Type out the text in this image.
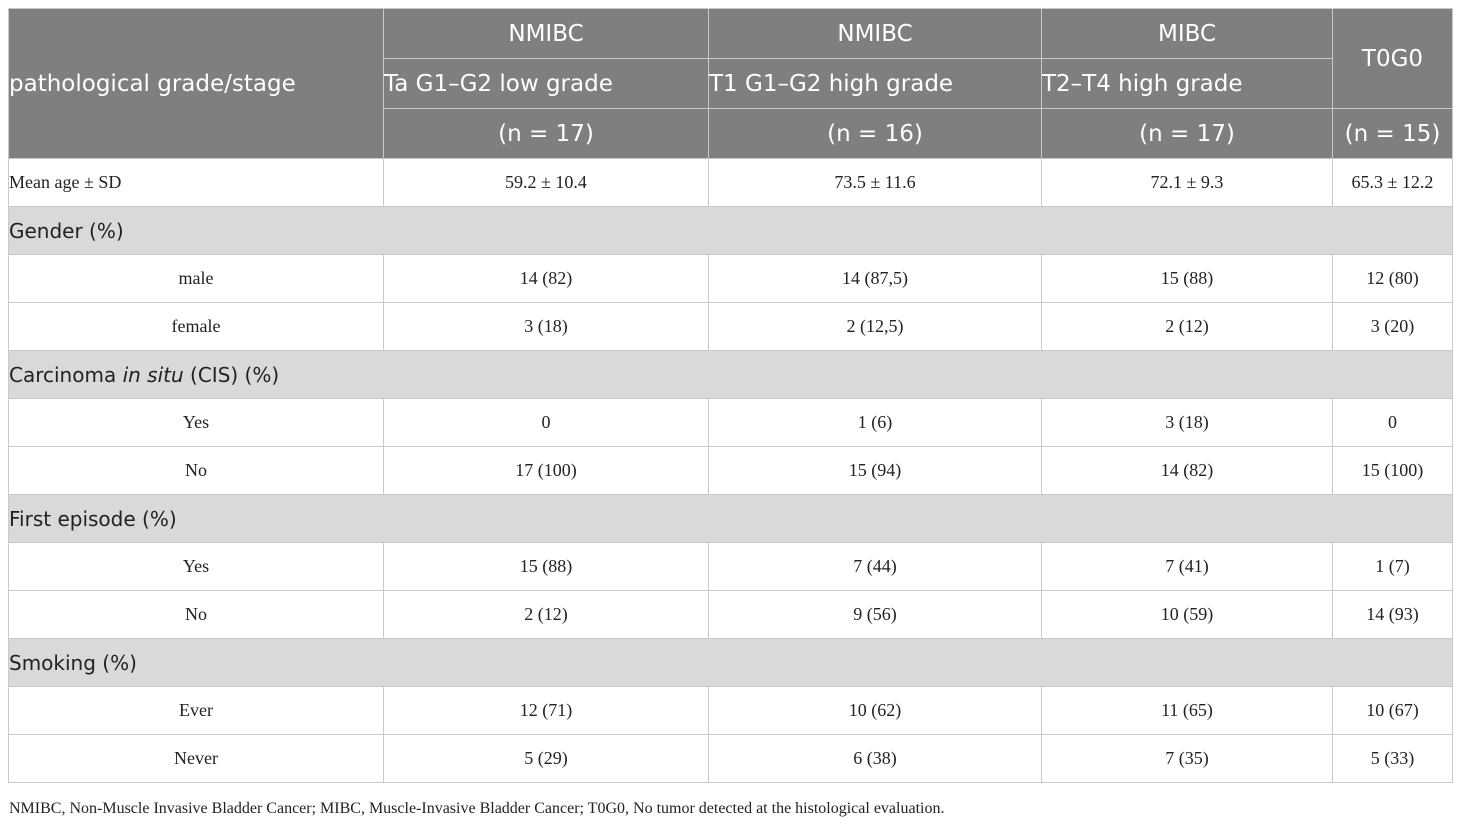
pathological grade/stage	NMIBC	NMIBC	MIBC	T0G0
	Ta G1–G2 low grade	T1 G1–G2 high grade	T2–T4 high grade	
	(n = 17)	(n = 16)	(n = 17)	(n = 15)
Mean age ± SD	59.2 ± 10.4	73.5 ± 11.6	72.1 ± 9.3	65.3 ± 12.2
Gender (%)				
male	14 (82)	14 (87,5)	15 (88)	12 (80)
female	3 (18)	2 (12,5)	2 (12)	3 (20)
Carcinoma in situ (CIS) (%)				
Yes	0	1 (6)	3 (18)	0
No	17 (100)	15 (94)	14 (82)	15 (100)
First episode (%)				
Yes	15 (88)	7 (44)	7 (41)	1 (7)
No	2 (12)	9 (56)	10 (59)	14 (93)
Smoking (%)				
Ever	12 (71)	10 (62)	11 (65)	10 (67)
Never	5 (29)	6 (38)	7 (35)	5 (33)
NMIBC, Non-Muscle Invasive Bladder Cancer; MIBC, Muscle-Invasive Bladder Cancer; T0G0, No tumor detected at the histological evaluation.
